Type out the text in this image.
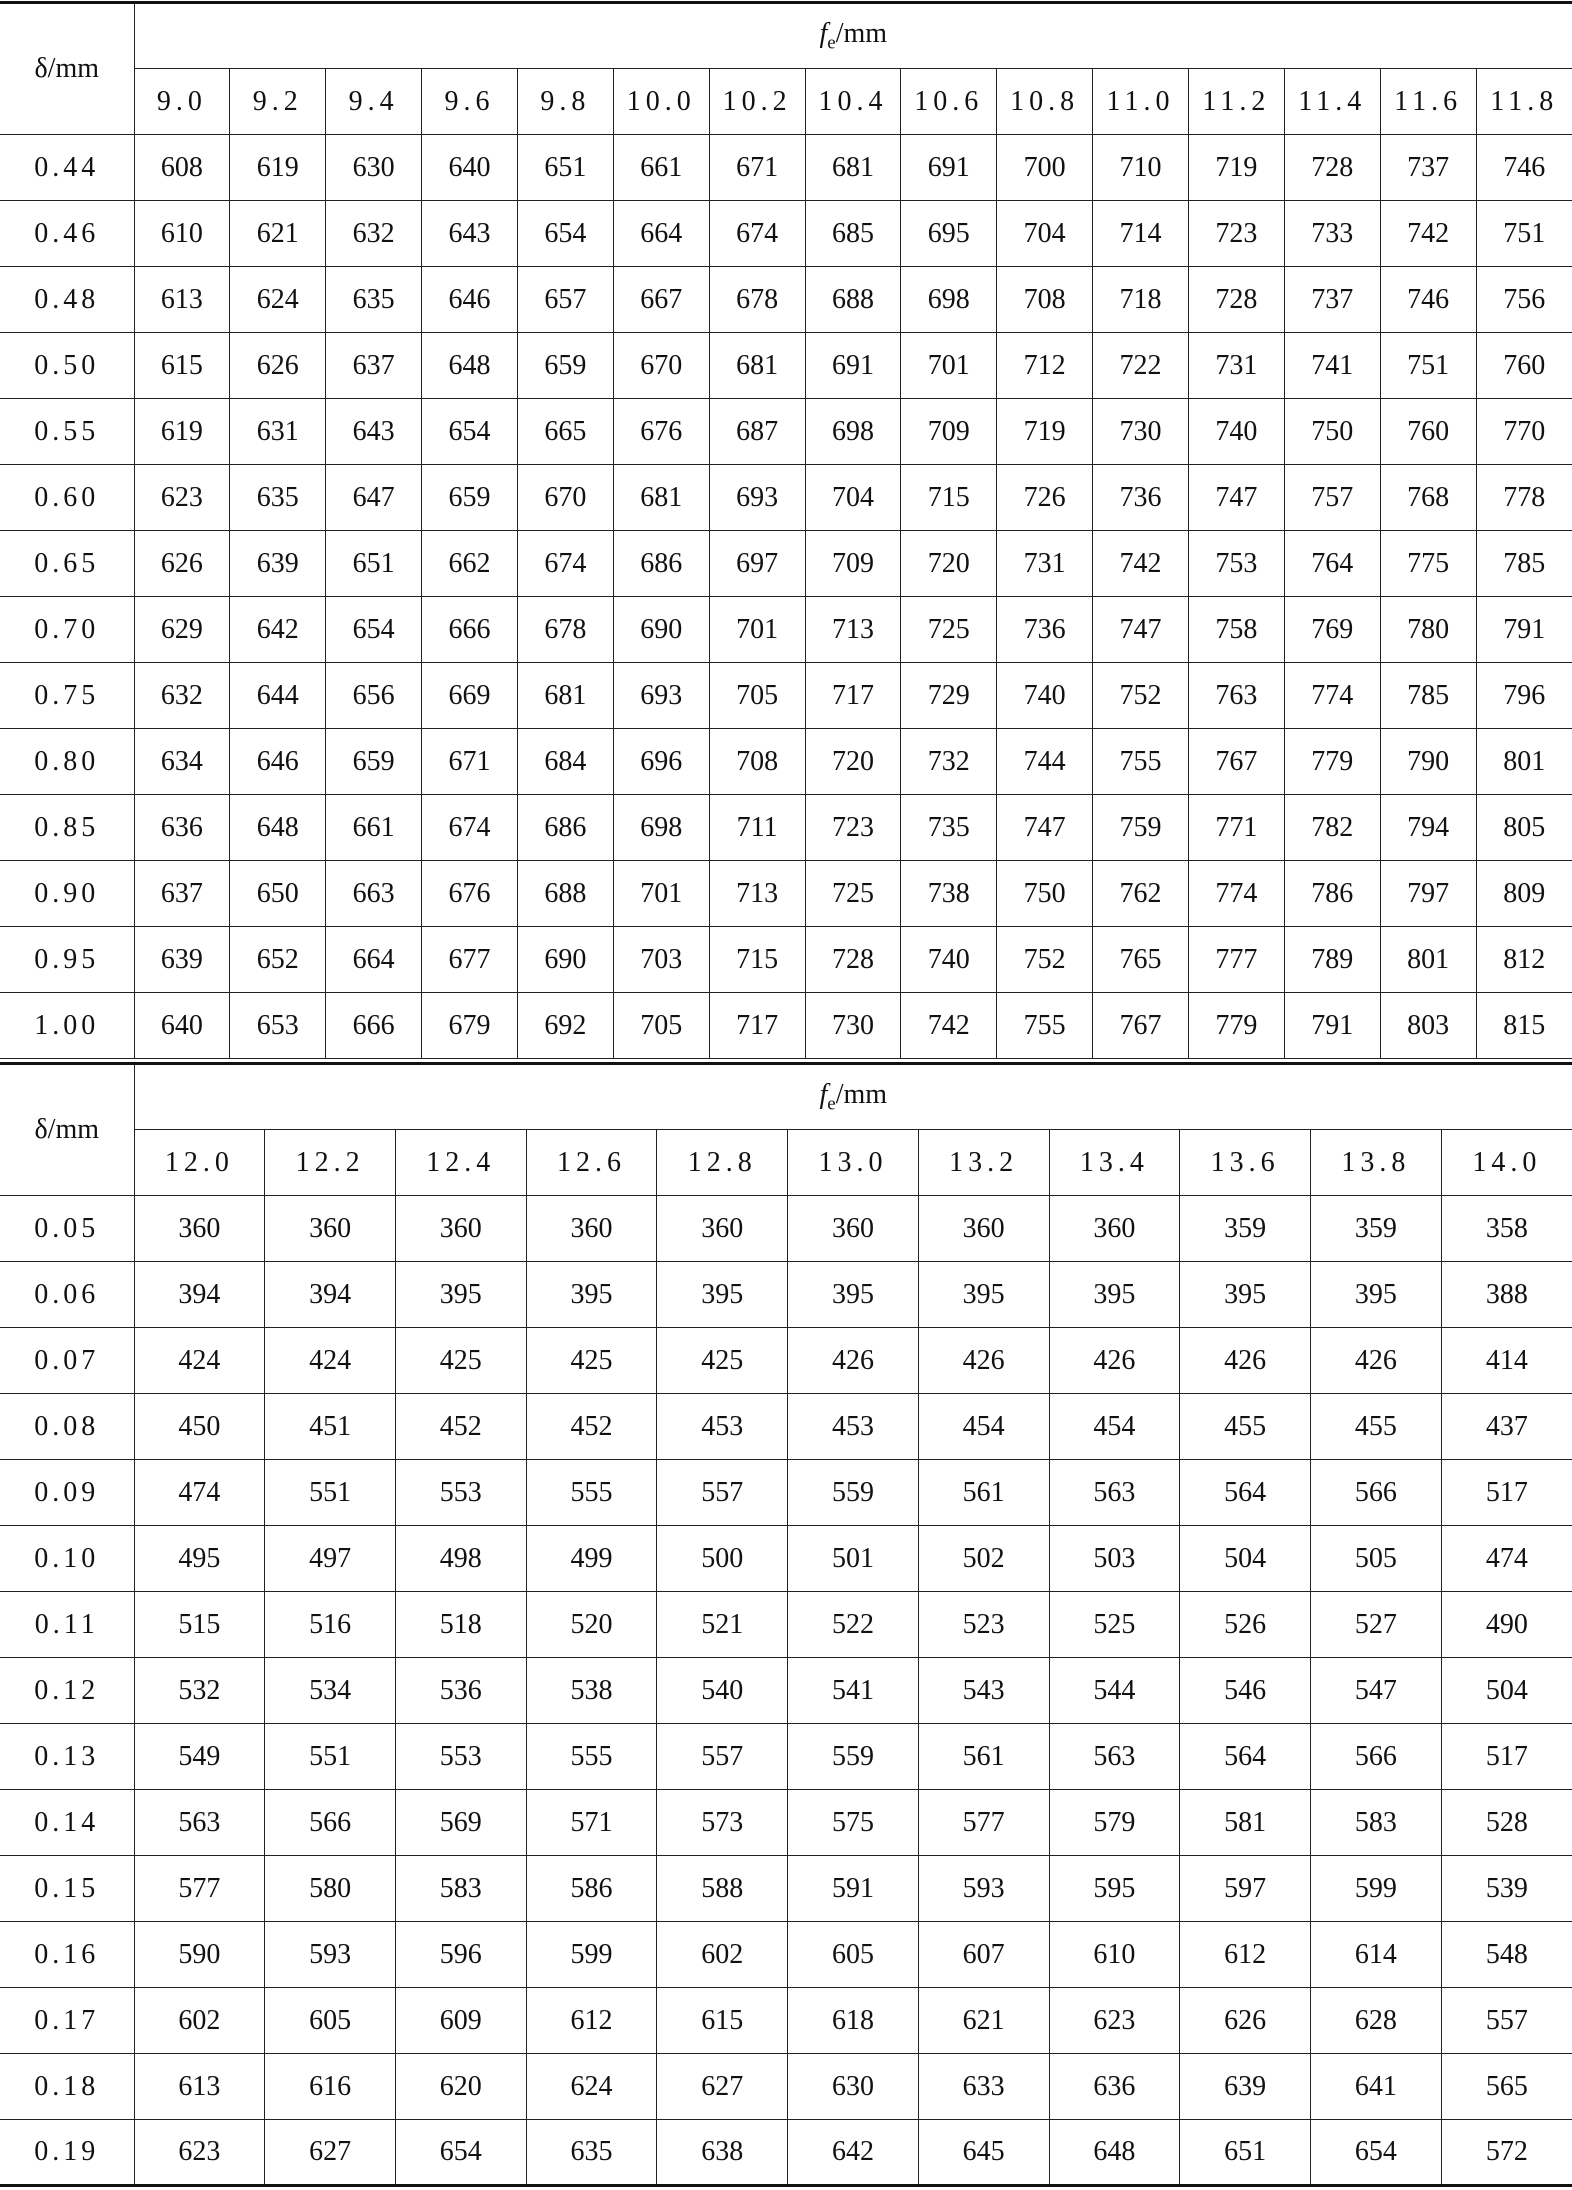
δ/mm	$f_e/mm$														
	9.0	9.2	9.4	9.6	9.8	10.0	10.2	10.4	10.6	10.8	11.0	11.2	11.4	11.6	11.8
0.44	608	619	630	640	651	661	671	681	691	700	710	719	728	737	746
0.46	610	621	632	643	654	664	674	685	695	704	714	723	733	742	751
0.48	613	624	635	646	657	667	678	688	698	708	718	728	737	746	756
0.50	615	626	637	648	659	670	681	691	701	712	722	731	741	751	760
0.55	619	631	643	654	665	676	687	698	709	719	730	740	750	760	770
0.60	623	635	647	659	670	681	693	704	715	726	736	747	757	768	778
0.65	626	639	651	662	674	686	697	709	720	731	742	753	764	775	785
0.70	629	642	654	666	678	690	701	713	725	736	747	758	769	780	791
0.75	632	644	656	669	681	693	705	717	729	740	752	763	774	785	796
0.80	634	646	659	671	684	696	708	720	732	744	755	767	779	790	801
0.85	636	648	661	674	686	698	711	723	735	747	759	771	782	794	805
0.90	637	650	663	676	688	701	713	725	738	750	762	774	786	797	809
0.95	639	652	664	677	690	703	715	728	740	752	765	777	789	801	812
1.00	640	653	666	679	692	705	717	730	742	755	767	779	791	803	815
δ/mm	$f_e/mm$										
	12.0	12.2	12.4	12.6	12.8	13.0	13.2	13.4	13.6	13.8	14.0
0.05	360	360	360	360	360	360	360	360	359	359	358
0.06	394	394	395	395	395	395	395	395	395	395	388
0.07	424	424	425	425	425	426	426	426	426	426	414
0.08	450	451	452	452	453	453	454	454	455	455	437
0.09	474	551	553	555	557	559	561	563	564	566	517
0.10	495	497	498	499	500	501	502	503	504	505	474
0.11	515	516	518	520	521	522	523	525	526	527	490
0.12	532	534	536	538	540	541	543	544	546	547	504
0.13	549	551	553	555	557	559	561	563	564	566	517
0.14	563	566	569	571	573	575	577	579	581	583	528
0.15	577	580	583	586	588	591	593	595	597	599	539
0.16	590	593	596	599	602	605	607	610	612	614	548
0.17	602	605	609	612	615	618	621	623	626	628	557
0.18	613	616	620	624	627	630	633	636	639	641	565
0.19	623	627	654	635	638	642	645	648	651	654	572
